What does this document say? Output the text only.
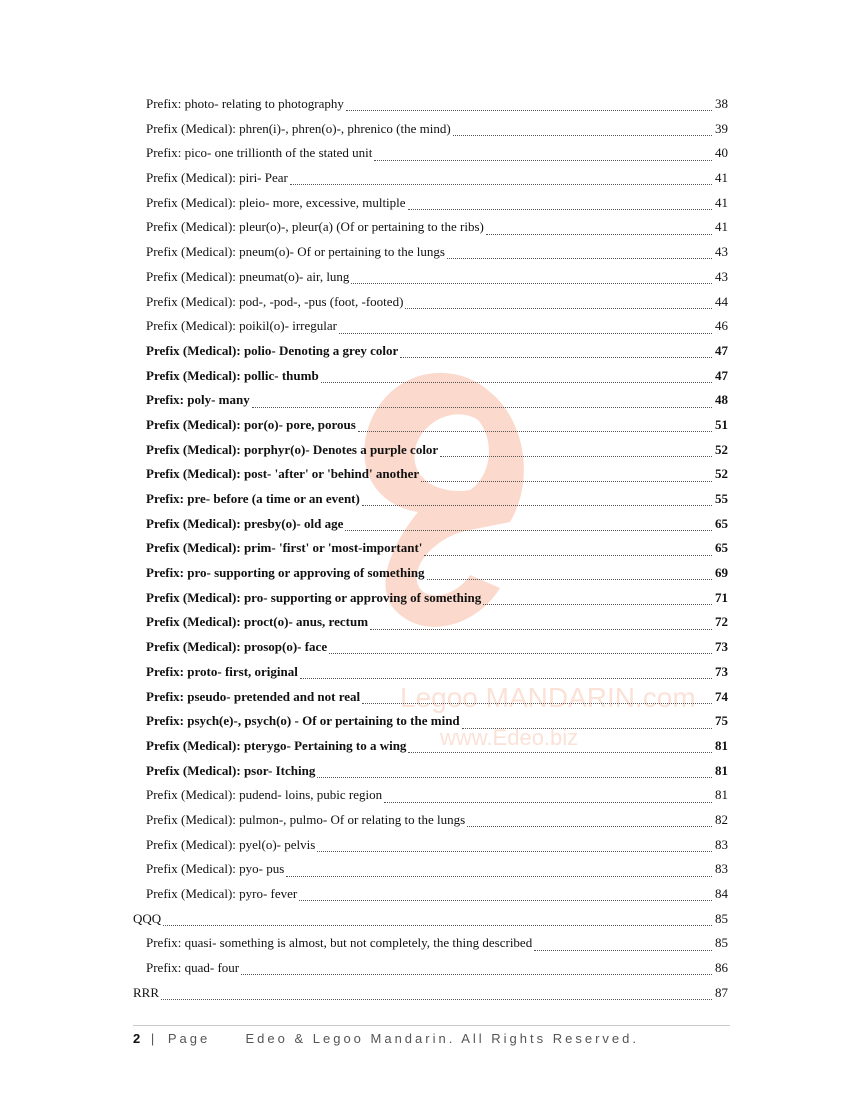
Legoo MANDARIN.com
www.Edeo.biz
Prefix: photo- relating to photography	38
Prefix (Medical): phren(i)-, phren(o)-, phrenico (the mind)	39
Prefix: pico- one trillionth of the stated unit	40
Prefix (Medical): piri- Pear	41
Prefix (Medical): pleio- more, excessive, multiple	41
Prefix (Medical): pleur(o)-, pleur(a) (Of or pertaining to the ribs)	41
Prefix (Medical): pneum(o)- Of or pertaining to the lungs	43
Prefix (Medical): pneumat(o)- air, lung	43
Prefix (Medical): pod-, -pod-, -pus (foot, -footed)	44
Prefix (Medical): poikil(o)- irregular	46
Prefix (Medical): polio- Denoting a grey color	47
Prefix (Medical): pollic- thumb	47
Prefix: poly- many	48
Prefix (Medical): por(o)- pore, porous	51
Prefix (Medical): porphyr(o)- Denotes a purple color	52
Prefix (Medical): post- 'after' or 'behind' another	52
Prefix: pre- before (a time or an event)	55
Prefix (Medical): presby(o)- old age	65
Prefix (Medical): prim- 'first' or 'most-important'	65
Prefix: pro- supporting or approving of something	69
Prefix (Medical): pro- supporting or approving of something	71
Prefix (Medical): proct(o)- anus, rectum	72
Prefix (Medical): prosop(o)- face	73
Prefix: proto- first, original	73
Prefix: pseudo- pretended and not real	74
Prefix: psych(e)-, psych(o) - Of or pertaining to the mind	75
Prefix (Medical): pterygo- Pertaining to a wing	81
Prefix (Medical): psor- Itching	81
Prefix (Medical): pudend- loins, pubic region	81
Prefix (Medical): pulmon-, pulmo- Of or relating to the lungs	82
Prefix (Medical): pyel(o)- pelvis	83
Prefix (Medical): pyo- pus	83
Prefix (Medical): pyro- fever	84
QQQ	85
Prefix: quasi- something is almost, but not completely, the thing described	85
Prefix: quad- four	86
RRR	87
2 | Page	Edeo & Legoo Mandarin. All Rights Reserved.
